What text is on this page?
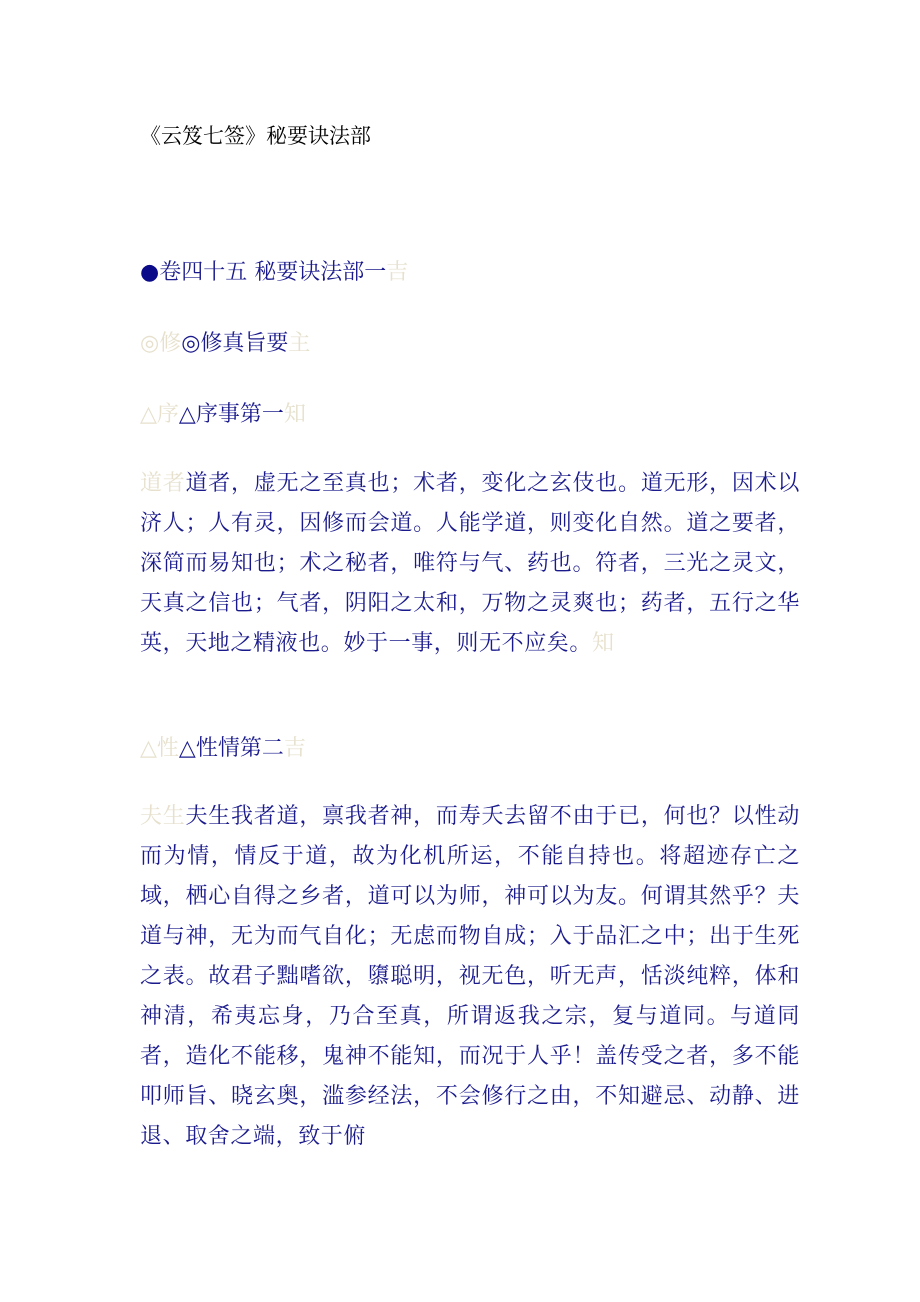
《云笈七签》秘要诀法部
●卷四十五 秘要诀法部一吉
◎修◎修真旨要主
△序△序事第一知
道者道者，虚无之至真也；术者，变化之玄伎也。道无形，因术以济人；人有灵，因修而会道。人能学道，则变化自然。道之要者，深简而易知也；术之秘者，唯符与气、药也。符者，三光之灵文，天真之信也；气者，阴阳之太和，万物之灵爽也；药者，五行之华英，天地之精液也。妙于一事，则无不应矣。知
△性△性情第二吉
夫生夫生我者道，禀我者神，而寿夭去留不由于已，何也？以性动而为情，情反于道，故为化机所运，不能自持也。将超迹存亡之域，栖心自得之乡者，道可以为师，神可以为友。何谓其然乎？夫道与神，无为而气自化；无虑而物自成；入于品汇之中；出于生死之表。故君子黜嗜欲，隳聪明，视无色，听无声，恬淡纯粹，体和神清，希夷忘身，乃合至真，所谓返我之宗，复与道同。与道同者，造化不能移，鬼神不能知，而况于人乎！盖传受之者，多不能叩师旨、晓玄奥，滥参经法，不会修行之由，不知避忌、动静、进退、取舍之端，致于俯
